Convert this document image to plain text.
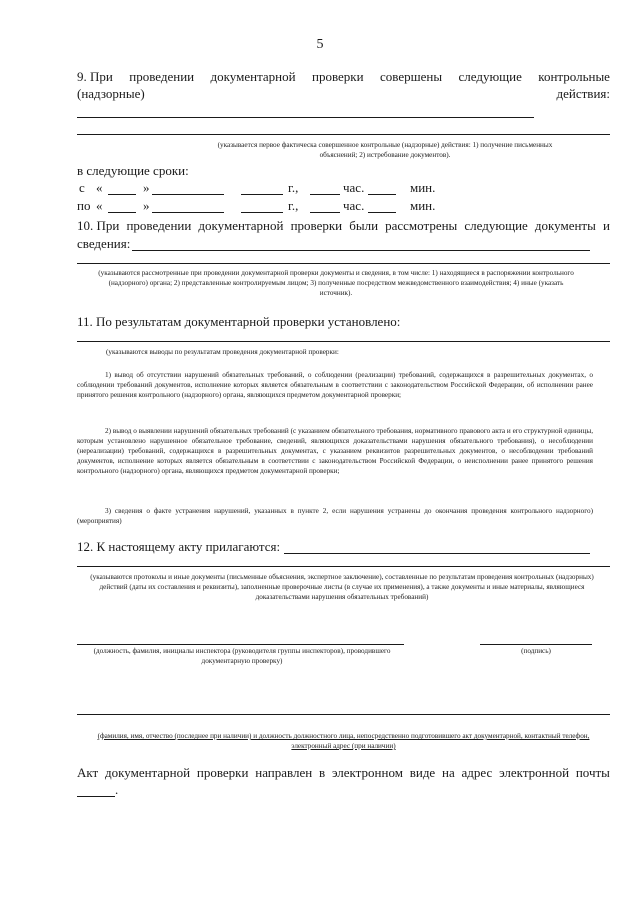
5
9. При проведении документарной проверки совершены следующие контрольные
(надзорные)	действия:
(указывается первое фактическа совершенное контрольные (надзорные) действия: 1) получение письменных объяснений; 2) истребование документов).
в следующие сроки:
с «	»	г.,	час.	мин.
по «	»	г.,	час.	мин.
10. При проведении документарной проверки были рассмотрены следующие документы и
сведения:
(указываются рассмотренные при проведении документарной проверки документы и сведения, в том числе: 1) находящиеся в распоряжении контрольного (надзорного) органа; 2) представленные контролируемым лицом; 3) полученные посредством межведомственного взаимодействия; 4) иные (указать источник).
11. По результатам документарной проверки установлено:
(указываются выводы по результатам проведения документарной проверки:
1) вывод об отсутствии нарушений обязательных требований, о соблюдении (реализации) требований, содержащихся в разрешительных документах, о соблюдении требований документов, исполнение которых является обязательным в соответствии с законодательством Российской Федерации, об исполнении ранее принятого решения контрольного (надзорного) органа, являющихся предметом документарной проверки;
2) вывод о выявлении нарушений обязательных требований (с указанием обязательного требования, нормативного правового акта и его структурной единицы, которым установлено нарушенное обязательное требование, сведений, являющихся доказательствами нарушения обязательного требования), о несоблюдении (нереализации) требований, содержащихся в разрешительных документах, с указанием реквизитов разрешительных документов, о несоблюдении требований документов, исполнение которых является обязательным в соответствии с законодательством Российской Федерации, о неисполнении ранее принятого решения контрольного (надзорного) органа, являющихся предметом документарной проверки;
3) сведения о факте устранения нарушений, указанных в пункте 2, если нарушения устранены до окончания проведения контрольного надзорного) (мероприятия)
12. К настоящему акту прилагаются:
(указываются протоколы и иные документы (письменные объяснения, экспертное заключение), составленные по результатам проведения контрольных (надзорных) действий (даты их составления и реквизиты), заполненные проверочные листы (в случае их применения), а также документы и иные материалы, являющиеся доказательствами нарушения обязательных требований)
(должность, фамилия, инициалы инспектора (руководителя группы инспекторов), проводившего документарную проверку)
(подпись)
(фамилия, имя, отчество (последнее при наличии) и должность должностного лица, непосредственно подготовившего акт документарной, контактный телефон, электронный адрес (при наличии)
Акт документарной проверки направлен в электронном виде на адрес электронной почты
.
